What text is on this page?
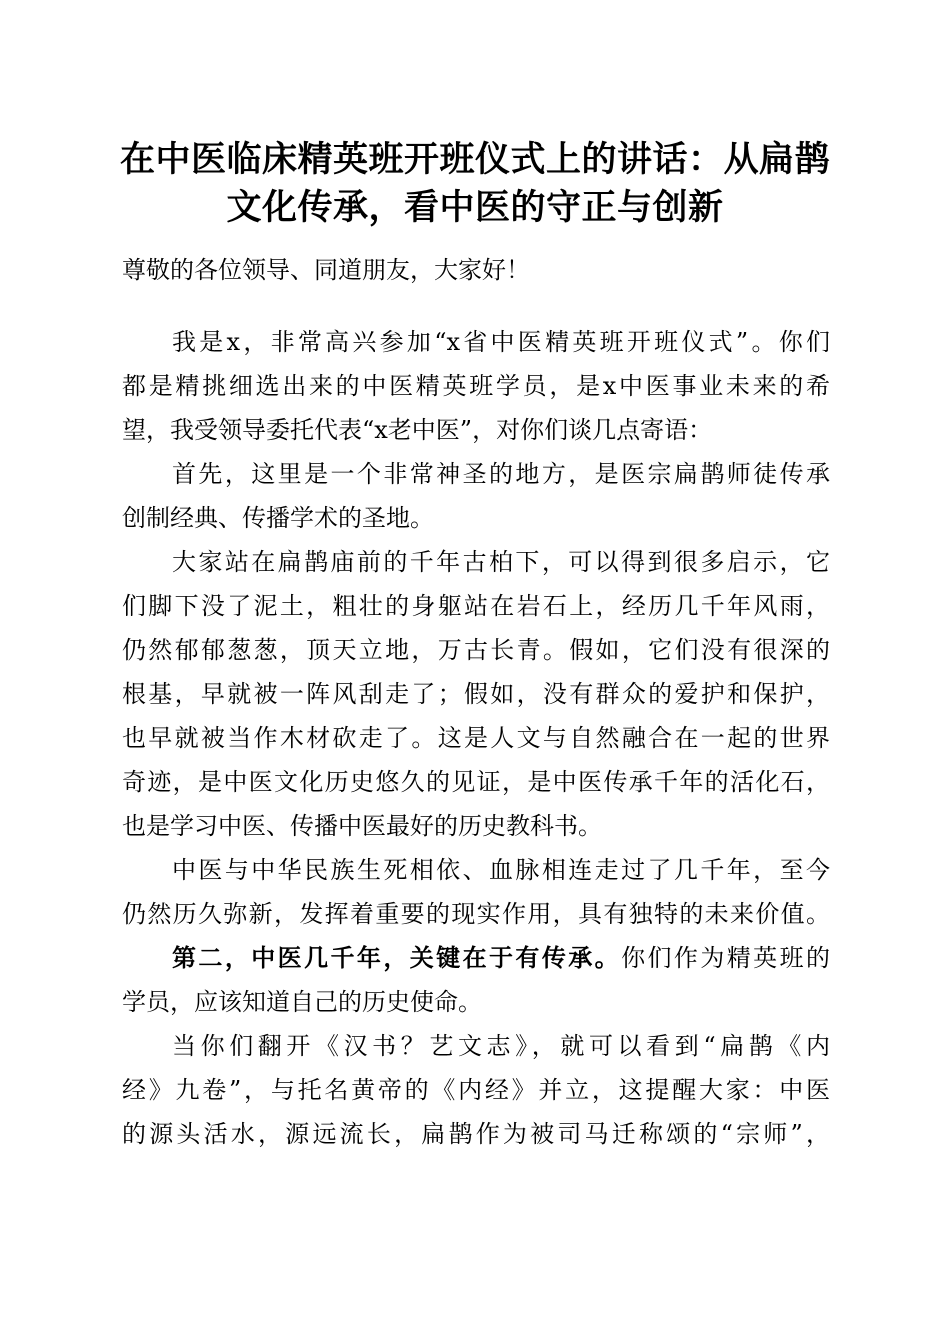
在中医临床精英班开班仪式上的讲话：从扁鹊
文化传承，看中医的守正与创新
尊敬的各位领导、同道朋友，大家好！
我是x，非常高兴参加“x省中医精英班开班仪式”。你们
都是精挑细选出来的中医精英班学员，是x中医事业未来的希
望，我受领导委托代表“x老中医”，对你们谈几点寄语：
首先，这里是一个非常神圣的地方，是医宗扁鹊师徒传承
创制经典、传播学术的圣地。
大家站在扁鹊庙前的千年古柏下，可以得到很多启示，它
们脚下没了泥土，粗壮的身躯站在岩石上，经历几千年风雨，
仍然郁郁葱葱，顶天立地，万古长青。假如，它们没有很深的
根基，早就被一阵风刮走了；假如，没有群众的爱护和保护，
也早就被当作木材砍走了。这是人文与自然融合在一起的世界
奇迹，是中医文化历史悠久的见证，是中医传承千年的活化石，
也是学习中医、传播中医最好的历史教科书。
中医与中华民族生死相依、血脉相连走过了几千年，至今
仍然历久弥新，发挥着重要的现实作用，具有独特的未来价值。
第二，中医几千年，关键在于有传承。你们作为精英班的
学员，应该知道自己的历史使命。
当你们翻开《汉书？艺文志》，就可以看到“扁鹊《内
经》九卷”，与托名黄帝的《内经》并立，这提醒大家：中医
的源头活水，源远流长，扁鹊作为被司马迁称颂的“宗师”，
